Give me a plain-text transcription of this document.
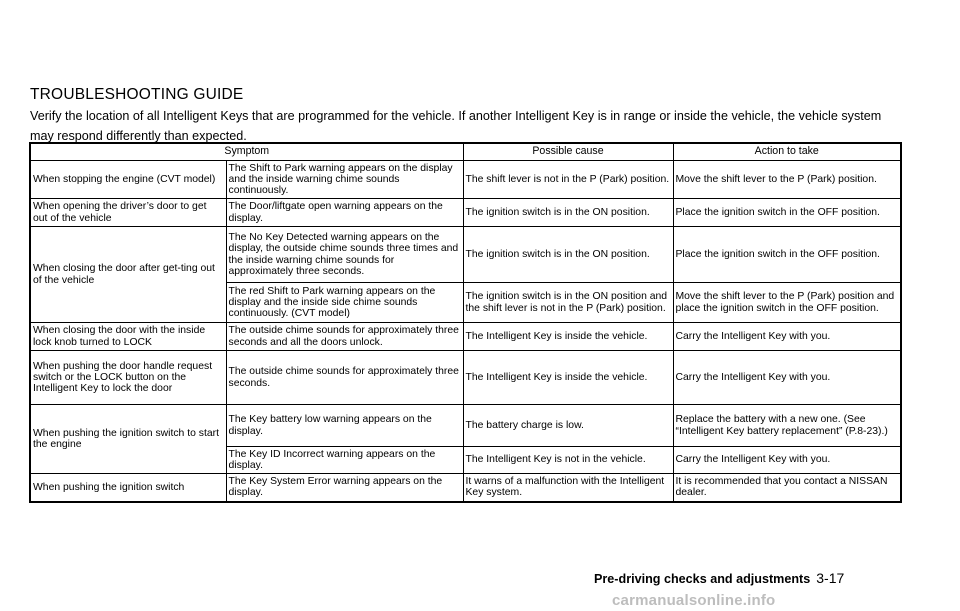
TROUBLESHOOTING GUIDE
Verify the location of all Intelligent Keys that are programmed for the vehicle. If another Intelligent Key is in range or inside the vehicle, the vehicle system may respond differently than expected.
Symptom		Possible cause	Action to take
When stopping the engine (CVT model)	The Shift to Park warning appears on the display and the inside warning chime sounds continuously.	The shift lever is not in the P (Park) position.	Move the shift lever to the P (Park) position.
When opening the driver’s door to get out of the vehicle	The Door/liftgate open warning appears on the display.	The ignition switch is in the ON position.	Place the ignition switch in the OFF position.
When closing the door after get-ting out of the vehicle	The No Key Detected warning appears on the display, the outside chime sounds three times and the inside warning chime sounds for approximately three seconds.	The ignition switch is in the ON position.	Place the ignition switch in the OFF position.
	The red Shift to Park warning appears on the display and the inside side chime sounds continuously. (CVT model)	The ignition switch is in the ON position and the shift lever is not in the P (Park) position.	Move the shift lever to the P (Park) position and place the ignition switch in the OFF position.
When closing the door with the inside lock knob turned to LOCK	The outside chime sounds for approximately three seconds and all the doors unlock.	The Intelligent Key is inside the vehicle.	Carry the Intelligent Key with you.
When pushing the door handle request switch or the LOCK button on the Intelligent Key to lock the door	The outside chime sounds for approximately three seconds.	The Intelligent Key is inside the vehicle.	Carry the Intelligent Key with you.
When pushing the ignition switch to start the engine	The Key battery low warning appears on the display.	The battery charge is low.	Replace the battery with a new one. (See “Intelligent Key battery replacement” (P.8-23).)
	The Key ID Incorrect warning appears on the display.	The Intelligent Key is not in the vehicle.	Carry the Intelligent Key with you.
When pushing the ignition switch	The Key System Error warning appears on the display.	It warns of a malfunction with the Intelligent Key system.	It is recommended that you contact a NISSAN dealer.
Pre-driving checks and adjustments 3-17
carmanualsonline.info
